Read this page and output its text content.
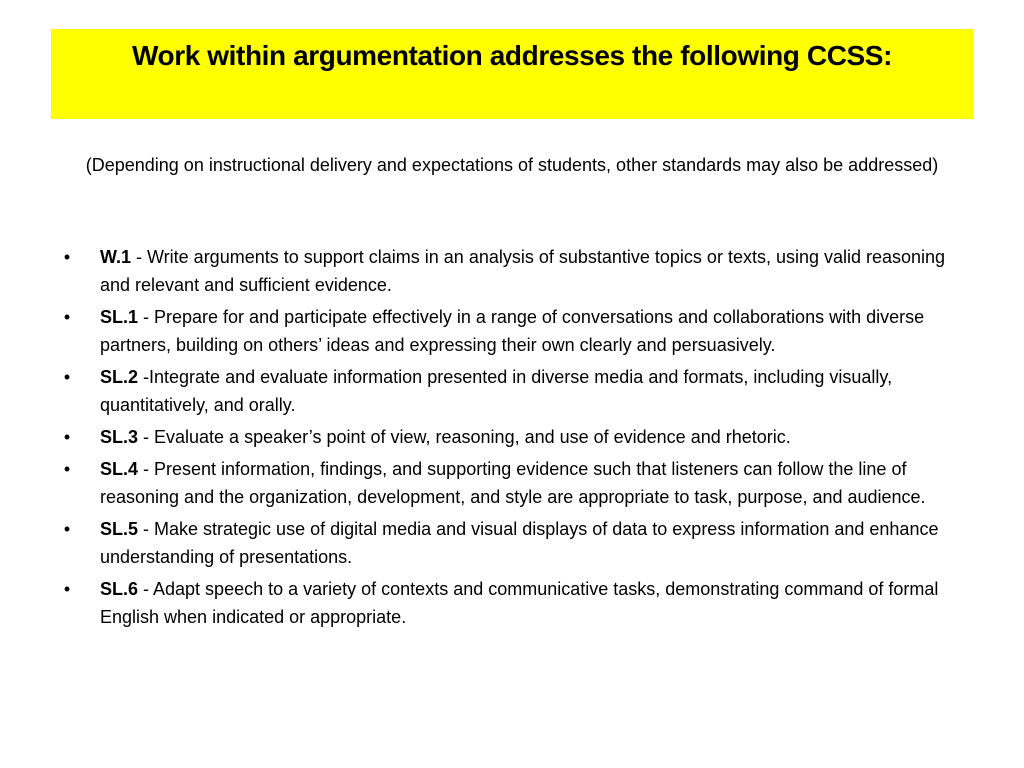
Work within argumentation addresses the following CCSS:

(Depending on instructional delivery and expectations of students, other standards may also be addressed)

• W.1 - Write arguments to support claims in an analysis of substantive topics or texts, using valid reasoning and relevant and sufficient evidence.
• SL.1 - Prepare for and participate effectively in a range of conversations and collaborations with diverse partners, building on others’ ideas and expressing their own clearly and persuasively.
• SL.2 -Integrate and evaluate information presented in diverse media and formats, including visually, quantitatively, and orally.
• SL.3 - Evaluate a speaker’s point of view, reasoning, and use of evidence and rhetoric.
• SL.4 - Present information, findings, and supporting evidence such that listeners can follow the line of reasoning and the organization, development, and style are appropriate to task, purpose, and audience.
• SL.5 - Make strategic use of digital media and visual displays of data to express information and enhance understanding of presentations.
• SL.6 - Adapt speech to a variety of contexts and communicative tasks, demonstrating command of formal English when indicated or appropriate.
